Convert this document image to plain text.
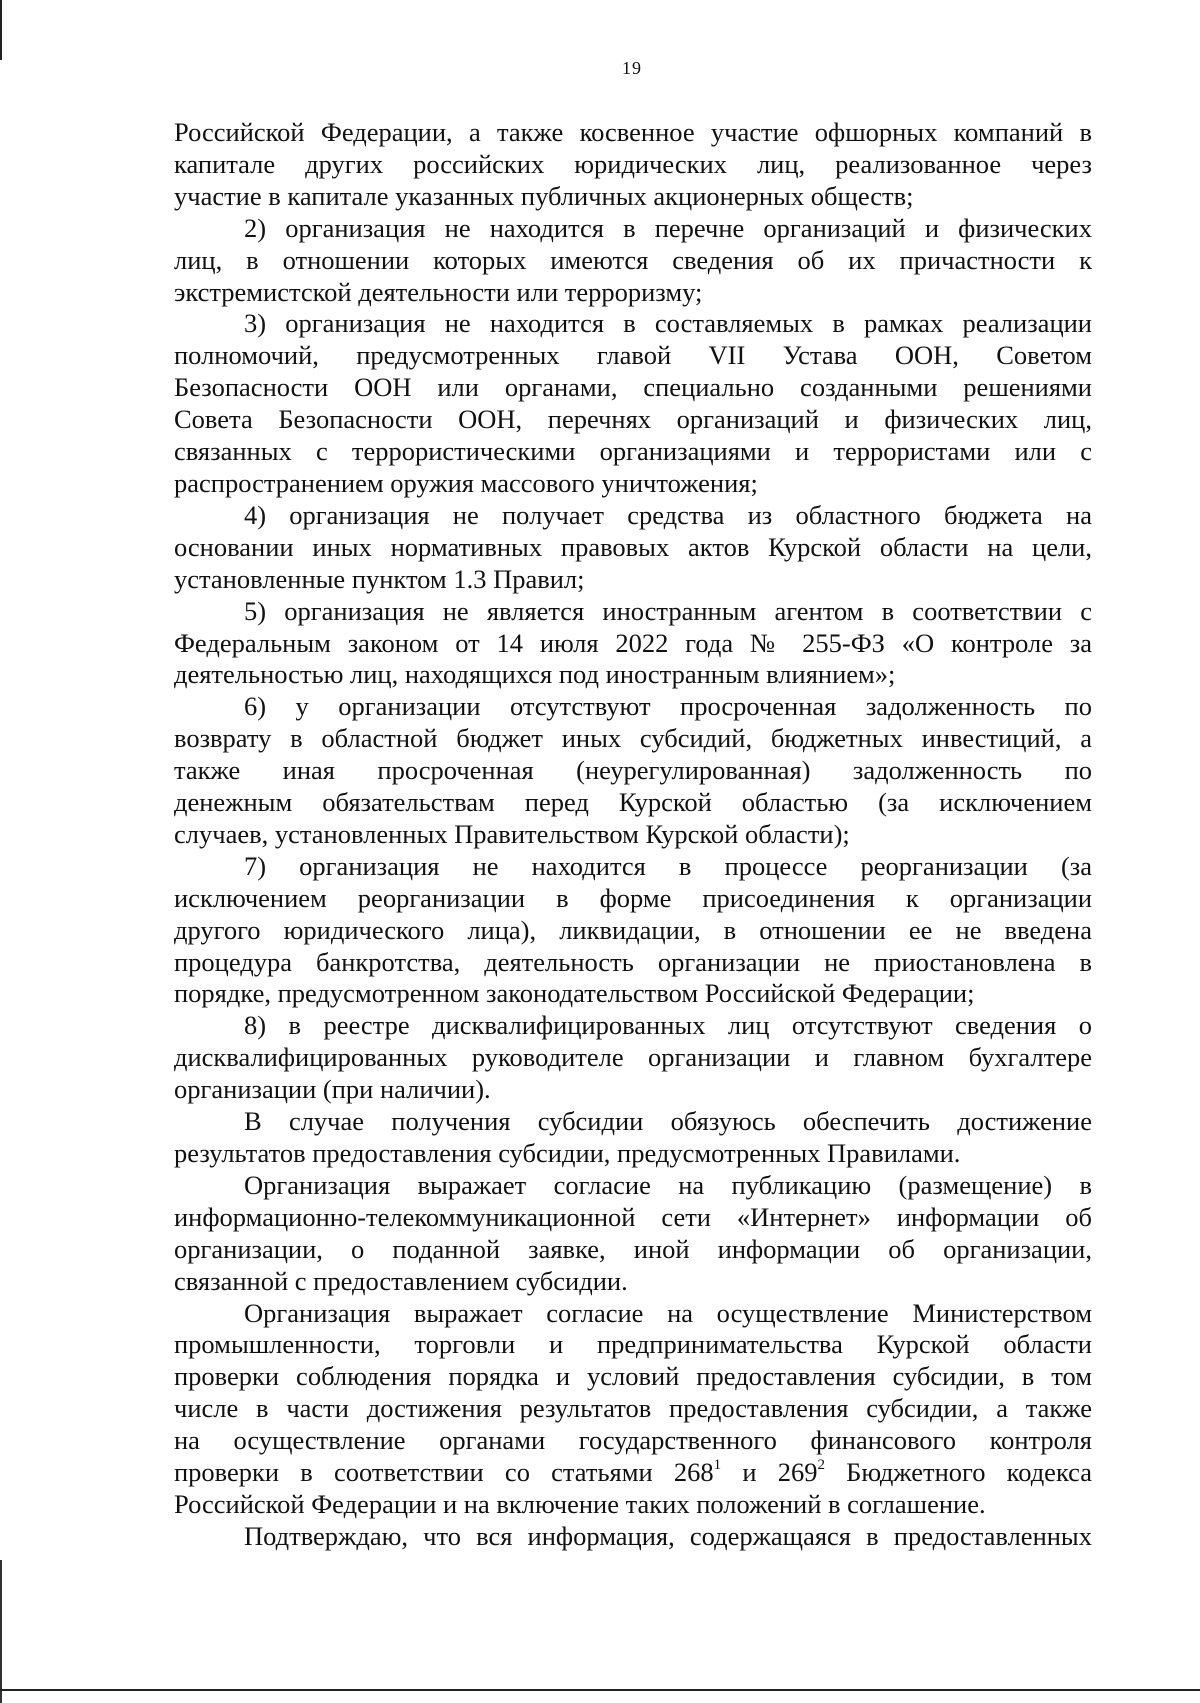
19
Российской Федерации, а также косвенное участие офшорных компаний в
капитале других российских юридических лиц, реализованное через
участие в капитале указанных публичных акционерных обществ;
2) организация не находится в перечне организаций и физических
лиц, в отношении которых имеются сведения об их причастности к
экстремистской деятельности или терроризму;
3) организация не находится в составляемых в рамках реализации
полномочий, предусмотренных главой VII Устава ООН, Советом
Безопасности ООН или органами, специально созданными решениями
Совета Безопасности ООН, перечнях организаций и физических лиц,
связанных с террористическими организациями и террористами или с
распространением оружия массового уничтожения;
4) организация не получает средства из областного бюджета на
основании иных нормативных правовых актов Курской области на цели,
установленные пунктом 1.3 Правил;
5) организация не является иностранным агентом в соответствии с
Федеральным законом от 14 июля 2022 года № 255-ФЗ «О контроле за
деятельностью лиц, находящихся под иностранным влиянием»;
6) у организации отсутствуют просроченная задолженность по
возврату в областной бюджет иных субсидий, бюджетных инвестиций, а
также иная просроченная (неурегулированная) задолженность по
денежным обязательствам перед Курской областью (за исключением
случаев, установленных Правительством Курской области);
7) организация не находится в процессе реорганизации (за
исключением реорганизации в форме присоединения к организации
другого юридического лица), ликвидации, в отношении ее не введена
процедура банкротства, деятельность организации не приостановлена в
порядке, предусмотренном законодательством Российской Федерации;
8) в реестре дисквалифицированных лиц отсутствуют сведения о
дисквалифицированных руководителе организации и главном бухгалтере
организации (при наличии).
В случае получения субсидии обязуюсь обеспечить достижение
результатов предоставления субсидии, предусмотренных Правилами.
Организация выражает согласие на публикацию (размещение) в
информационно-телекоммуникационной сети «Интернет» информации об
организации, о поданной заявке, иной информации об организации,
связанной с предоставлением субсидии.
Организация выражает согласие на осуществление Министерством
промышленности, торговли и предпринимательства Курской области
проверки соблюдения порядка и условий предоставления субсидии, в том
числе в части достижения результатов предоставления субсидии, а также
на осуществление органами государственного финансового контроля
проверки в соответствии со статьями $268^1$ и $269^2$ Бюджетного кодекса
Российской Федерации и на включение таких положений в соглашение.
Подтверждаю, что вся информация, содержащаяся в предоставленных
